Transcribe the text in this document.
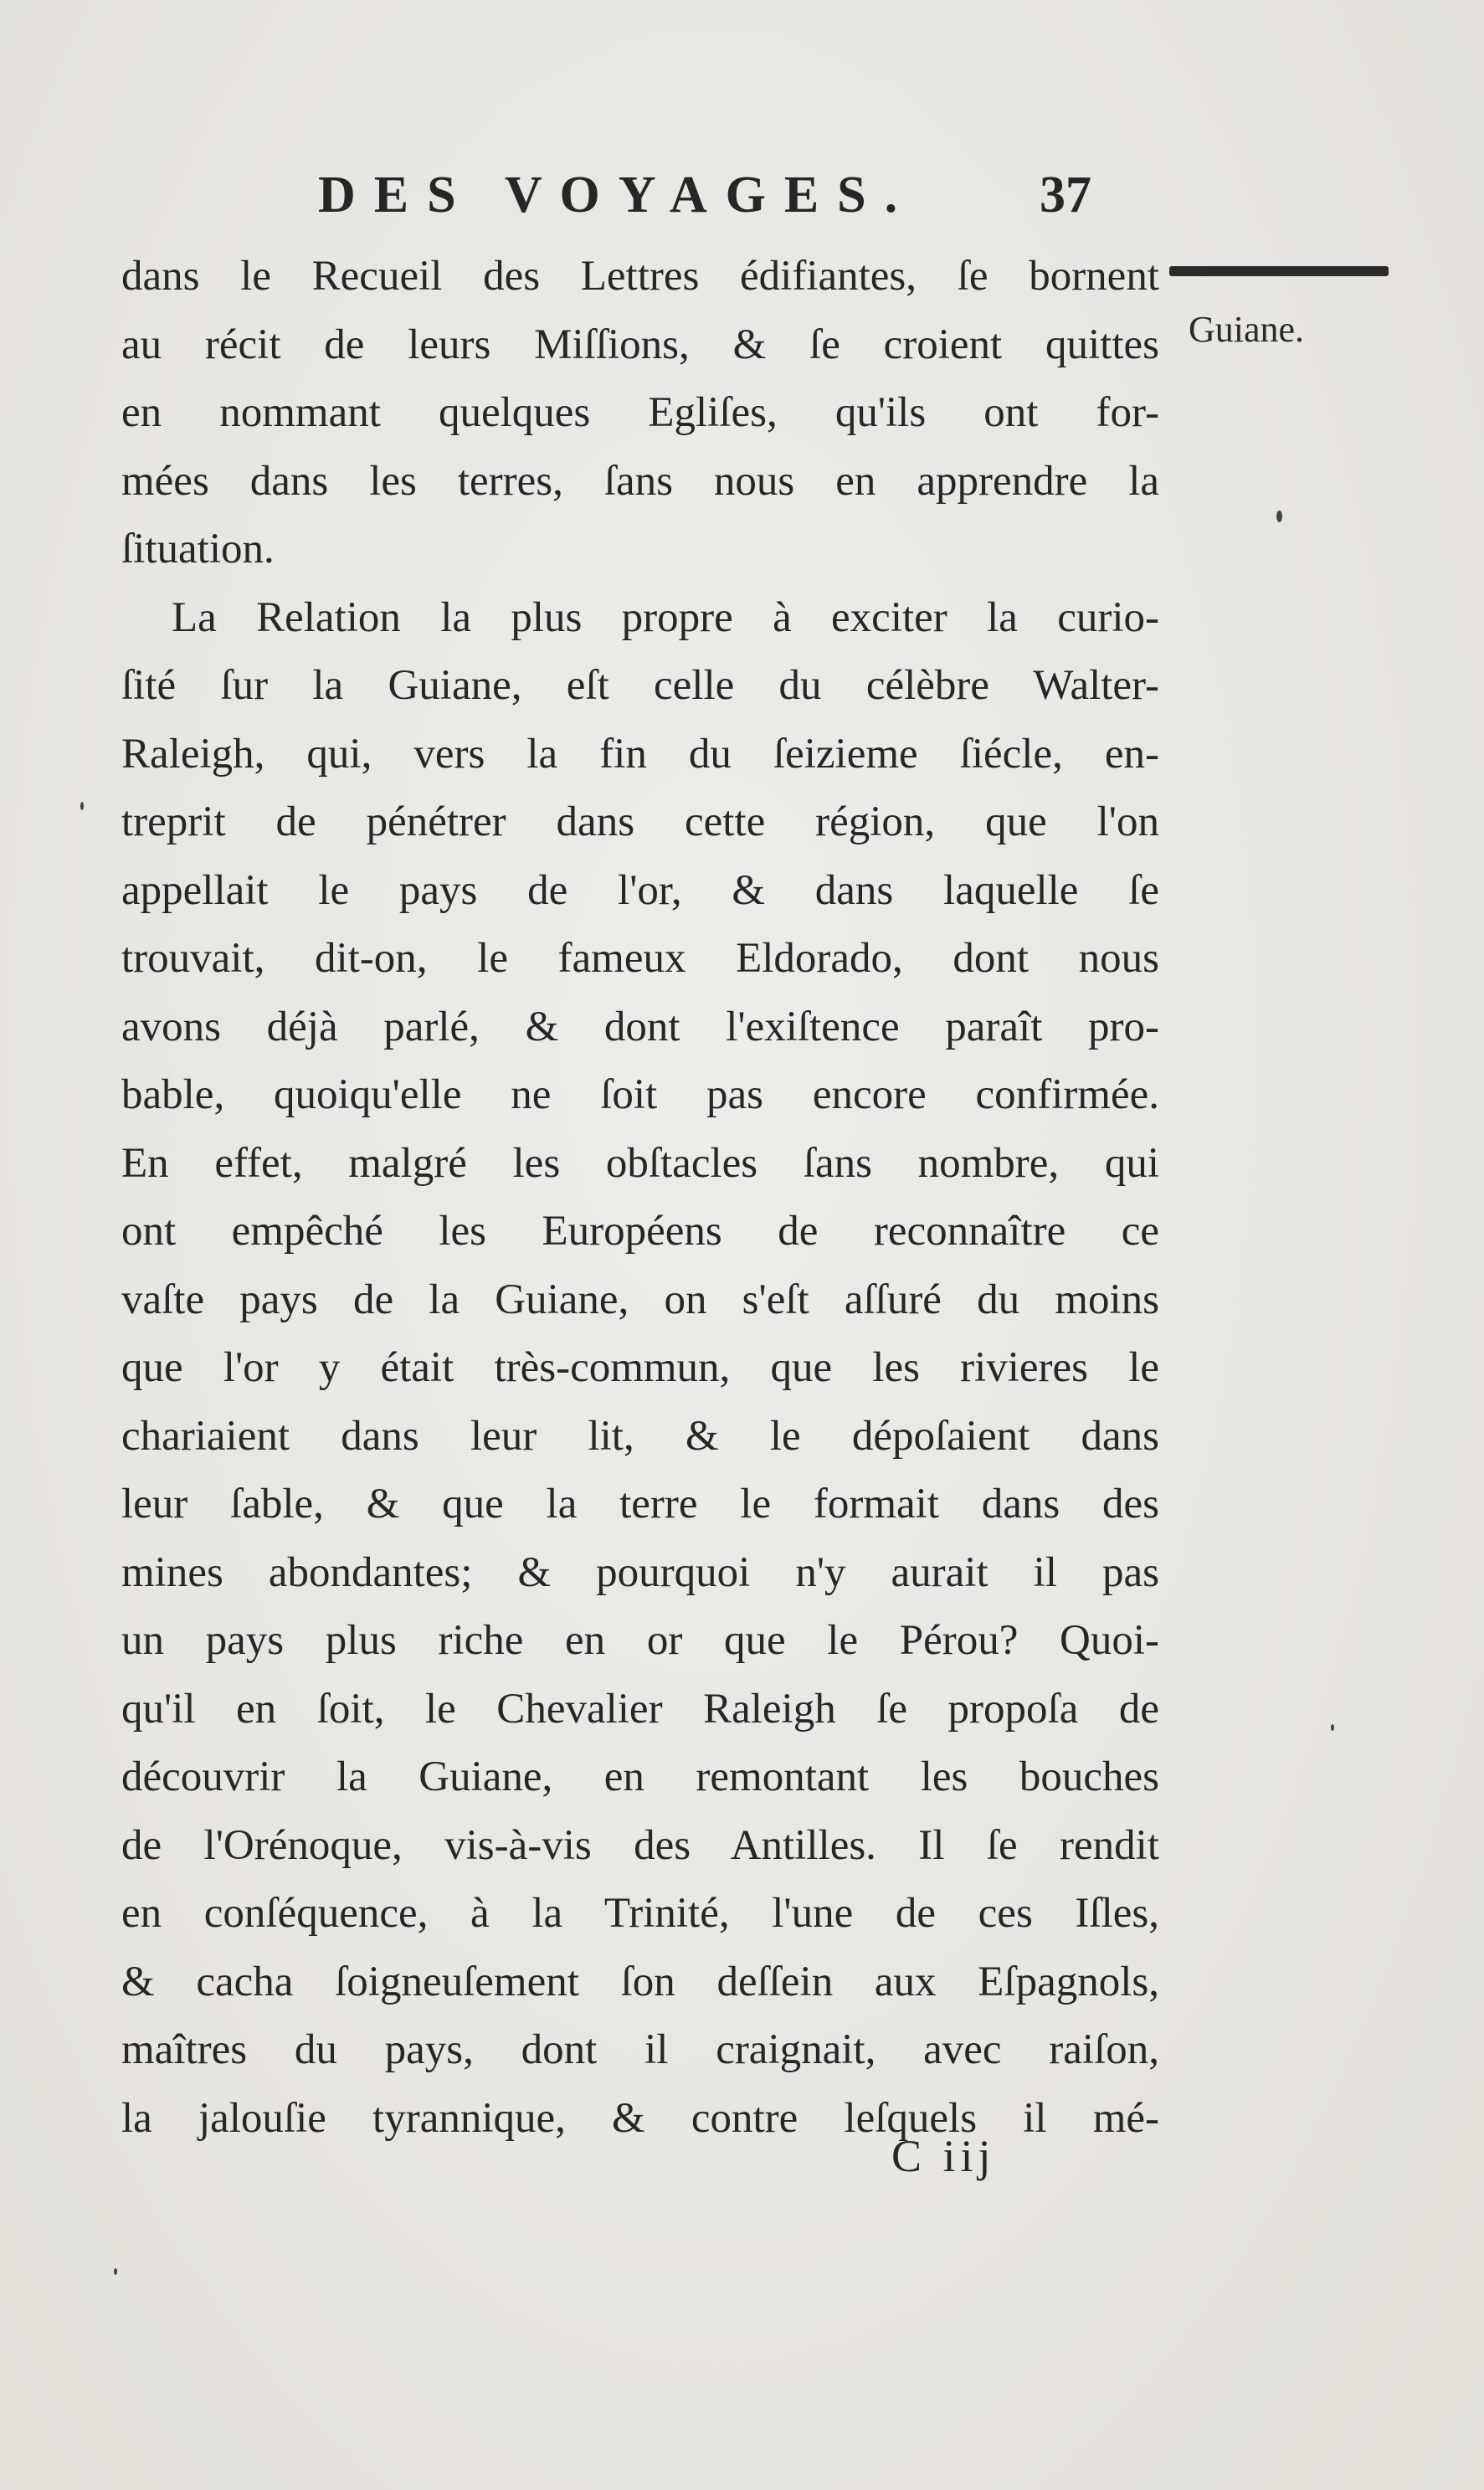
DES VOYAGES. 37
Guiane.
dans le Recueil des Lettres édifiantes, ſe bornent
au récit de leurs Miſſions, & ſe croient quittes
en nommant quelques Egliſes, qu'ils ont for-
mées dans les terres, ſans nous en apprendre la
ſituation.
La Relation la plus propre à exciter la curio-
ſité ſur la Guiane, eſt celle du célèbre Walter-
Raleigh, qui, vers la fin du ſeizieme ſiécle, en-
treprit de pénétrer dans cette région, que l'on
appellait le pays de l'or, & dans laquelle ſe
trouvait, dit-on, le fameux Eldorado, dont nous
avons déjà parlé, & dont l'exiſtence paraît pro-
bable, quoiqu'elle ne ſoit pas encore confirmée.
En effet, malgré les obſtacles ſans nombre, qui
ont empêché les Européens de reconnaître ce
vaſte pays de la Guiane, on s'eſt aſſuré du moins
que l'or y était très-commun, que les rivieres le
chariaient dans leur lit, & le dépoſaient dans
leur ſable, & que la terre le formait dans des
mines abondantes; & pourquoi n'y aurait il pas
un pays plus riche en or que le Pérou? Quoi-
qu'il en ſoit, le Chevalier Raleigh ſe propoſa de
découvrir la Guiane, en remontant les bouches
de l'Orénoque, vis-à-vis des Antilles. Il ſe rendit
en conſéquence, à la Trinité, l'une de ces Iſles,
& cacha ſoigneuſement ſon deſſein aux Eſpagnols,
maîtres du pays, dont il craignait, avec raiſon,
la jalouſie tyrannique, & contre leſquels il mé-
C iij
